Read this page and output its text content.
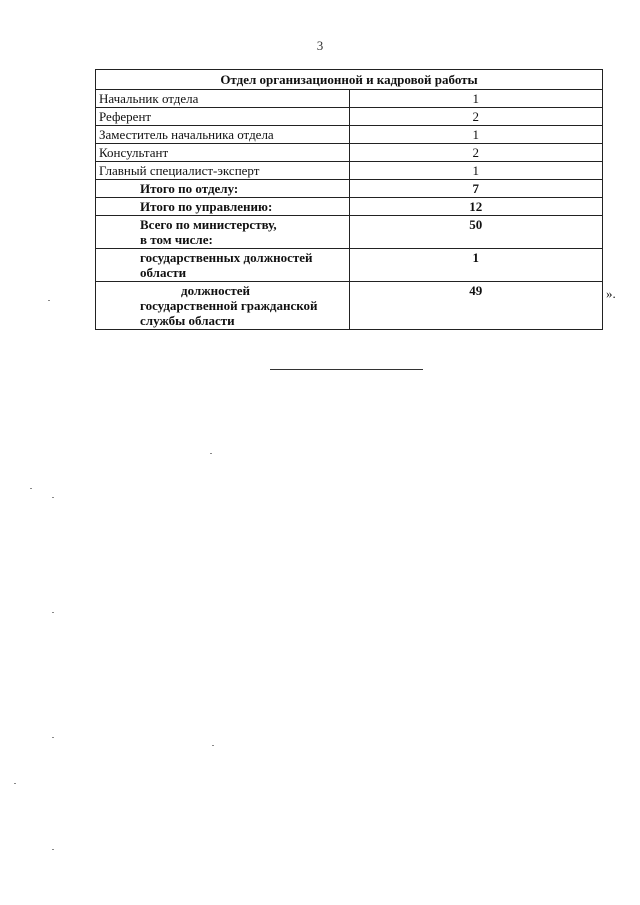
3
Отдел организационной и кадровой работы	
Начальник отдела	1
Референт	2
Заместитель начальника отдела	1
Консультант	2
Главный специалист-эксперт	1
Итого по отделу:	7
Итого по управлению:	12
Всего по министерству,
в том числе:	50
государственных должностей области	1
должностей государственной гражданской службы области	49	».
